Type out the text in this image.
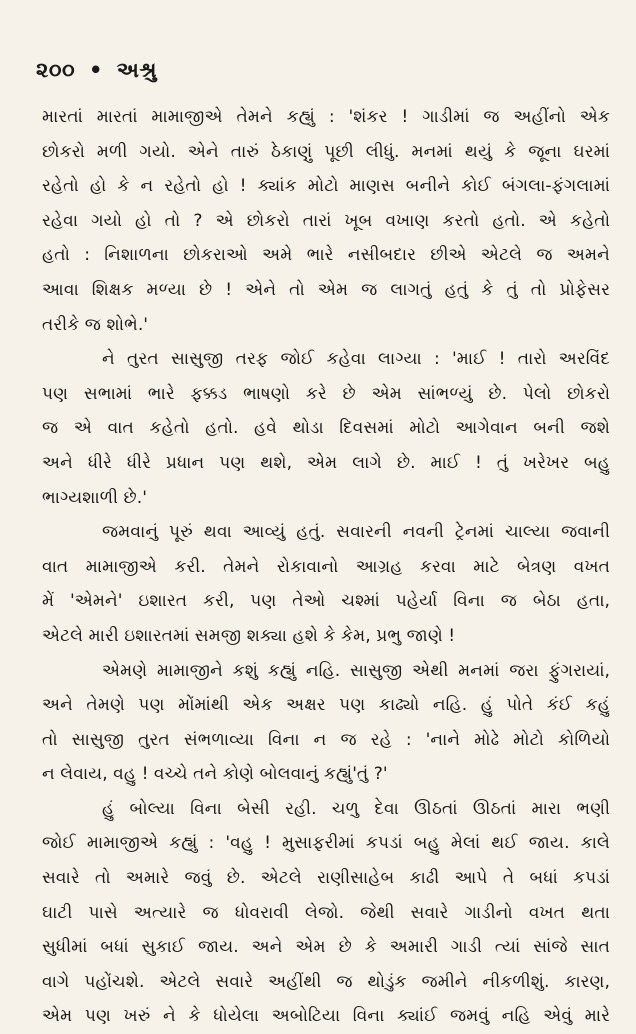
૨૦૦ • અશ્રુ
મારતાં મારતાં મામાજીએ તેમને કહ્યું : 'શંકર ! ગાડીમાં જ અહીંનો એક
છોકરો મળી ગયો. એને તારું ઠેકાણું પૂછી લીધું. મનમાં થયું કે જૂના ઘરમાં
રહેતો હો કે ન રહેતો હો ! ક્યાંક મોટો માણસ બનીને કોઈ બંગલા-ફંગલામાં
રહેવા ગયો હો તો ? એ છોકરો તારાં ખૂબ વખાણ કરતો હતો. એ કહેતો
હતો : નિશાળના છોકરાઓ અમે ભારે નસીબદાર છીએ એટલે જ અમને
આવા શિક્ષક મળ્યા છે ! એને તો એમ જ લાગતું હતું કે તું તો પ્રોફેસર
તરીકે જ શોભે.'
ને તુરત સાસુજી તરફ જોઈ કહેવા લાગ્યા : 'માઈ ! તારો અરવિંદ
પણ સભામાં ભારે ફક્કડ ભાષણો કરે છે એમ સાંભળ્યું છે. પેલો છોકરો
જ એ વાત કહેતો હતો. હવે થોડા દિવસમાં મોટો આગેવાન બની જશે
અને ધીરે ધીરે પ્રધાન પણ થશે, એમ લાગે છે. માઈ ! તું ખરેખર બહુ
ભાગ્યશાળી છે.'
જમવાનું પૂરું થવા આવ્યું હતું. સવારની નવની ટ્રેનમાં ચાલ્યા જવાની
વાત મામાજીએ કરી. તેમને રોકાવાનો આગ્રહ કરવા માટે બેત્રણ વખત
મેં 'એમને' ઇશારત કરી, પણ તેઓ ચશ્માં પહેર્યા વિના જ બેઠા હતા,
એટલે મારી ઇશારતમાં સમજી શક્યા હશે કે કેમ, પ્રભુ જાણે !
એમણે મામાજીને કશું કહ્યું નહિ. સાસુજી એથી મનમાં જરા ફુંગરાયાં,
અને તેમણે પણ મોંમાંથી એક અક્ષર પણ કાઢ્યો નહિ. હું પોતે કંઈ કહું
તો સાસુજી તુરત સંભળાવ્યા વિના ન જ રહે : 'નાને મોઢે મોટો કોળિયો
ન લેવાય, વહુ ! વચ્ચે તને કોણે બોલવાનું કહ્યું'તું ?'
હું બોલ્યા વિના બેસી રહી. ચળુ દેવા ઊઠતાં ઊઠતાં મારા ભણી
જોઈ મામાજીએ કહ્યું : 'વહુ ! મુસાફરીમાં કપડાં બહુ મેલાં થઈ જાય. કાલે
સવારે તો અમારે જવું છે. એટલે રાણીસાહેબ કાઢી આપે તે બધાં કપડાં
ઘાટી પાસે અત્યારે જ ધોવરાવી લેજો. જેથી સવારે ગાડીનો વખત થતા
સુધીમાં બધાં સુકાઈ જાય. અને એમ છે કે અમારી ગાડી ત્યાં સાંજે સાત
વાગે પહોંચશે. એટલે સવારે અહીંથી જ થોડુંક જમીને નીકળીશું. કારણ,
એમ પણ ખરું ને કે ધોયેલા અબોટિયા વિના ક્યાંઈ જમવું નહિ એવું મારે
